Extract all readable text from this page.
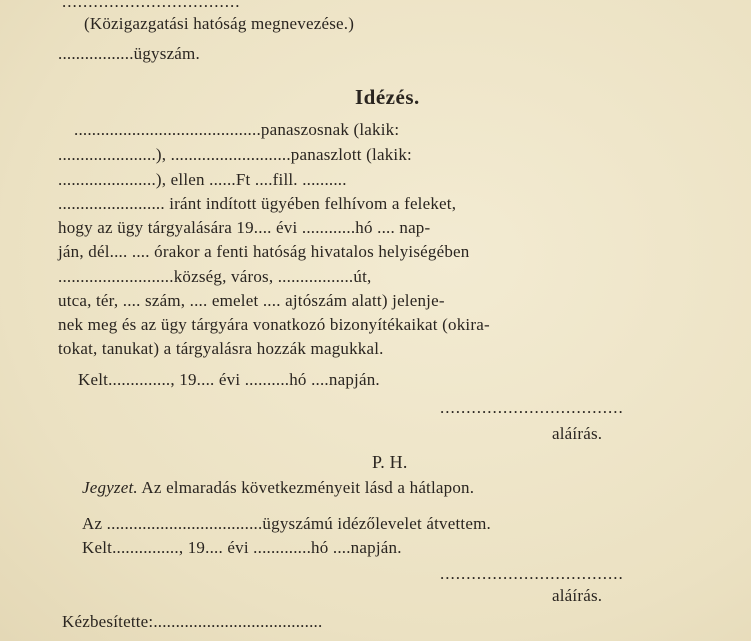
..................................
(Közigazgatási hatóság megnevezése.)
.................ügyszám.
Idézés.
..........................................panaszosnak (lakik:
......................), ...........................panaszlott (lakik:
......................), ellen ......Ft ....fill. ..........
........................ iránt indított ügyében felhívom a feleket,
hogy az ügy tárgyalására 19.... évi ............hó .... nap-
ján, dél.... .... órakor a fenti hatóság hivatalos helyiségében
..........................község, város, .................út,
utca, tér, .... szám, .... emelet .... ajtószám alatt) jelenje-
nek meg és az ügy tárgyára vonatkozó bizonyítékaikat (okira-
tokat, tanukat) a tárgyalásra hozzák magukkal.
Kelt.............., 19.... évi ..........hó ....napján.
...................................
aláírás.
P. H.
Jegyzet. Az elmaradás következményeit lásd a hátlapon.
Az ...................................ügyszámú idézőlevelet átvettem.
Kelt..............., 19.... évi .............hó ....napján.
...................................
aláírás.
Kézbesítette:......................................
